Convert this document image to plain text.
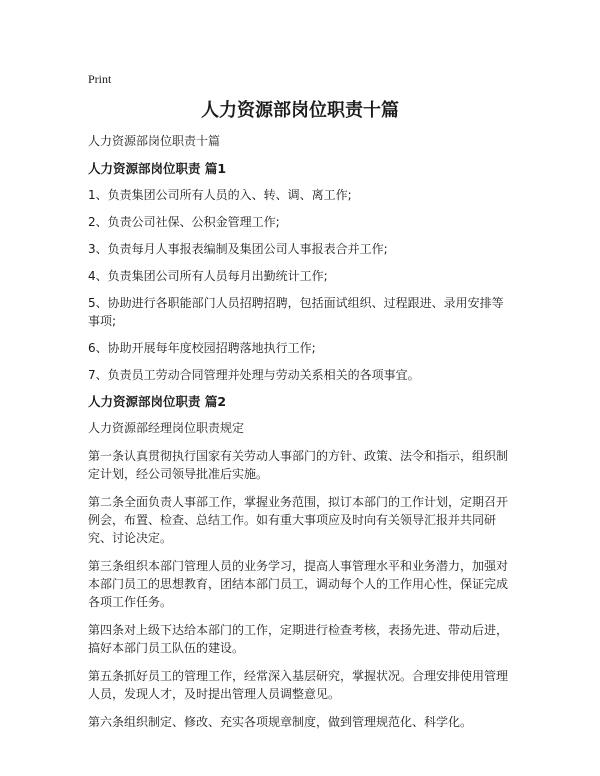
Print
人力资源部岗位职责十篇
人力资源部岗位职责十篇
人力资源部岗位职责 篇1
1、负责集团公司所有人员的入、转、调、离工作;
2、负责公司社保、公积金管理工作;
3、负责每月人事报表编制及集团公司人事报表合并工作;
4、负责集团公司所有人员每月出勤统计工作;
5、协助进行各职能部门人员招聘招聘，包括面试组织、过程跟进、录用安排等事项;
6、协助开展每年度校园招聘落地执行工作;
7、负责员工劳动合同管理并处理与劳动关系相关的各项事宜。
人力资源部岗位职责 篇2
人力资源部经理岗位职责规定
第一条认真贯彻执行国家有关劳动人事部门的方针、政策、法令和指示，组织制定计划，经公司领导批准后实施。
第二条全面负责人事部工作，掌握业务范围，拟订本部门的工作计划，定期召开例会，布置、检查、总结工作。如有重大事项应及时向有关领导汇报并共同研究、讨论决定。
第三条组织本部门管理人员的业务学习，提高人事管理水平和业务潜力，加强对本部门员工的思想教育，团结本部门员工，调动每个人的工作用心性，保证完成各项工作任务。
第四条对上级下达给本部门的工作，定期进行检查考核，表扬先进、带动后进，搞好本部门员工队伍的建设。
第五条抓好员工的管理工作，经常深入基层研究，掌握状况。合理安排使用管理人员，发现人才，及时提出管理人员调整意见。
第六条组织制定、修改、充实各项规章制度，做到管理规范化、科学化。
